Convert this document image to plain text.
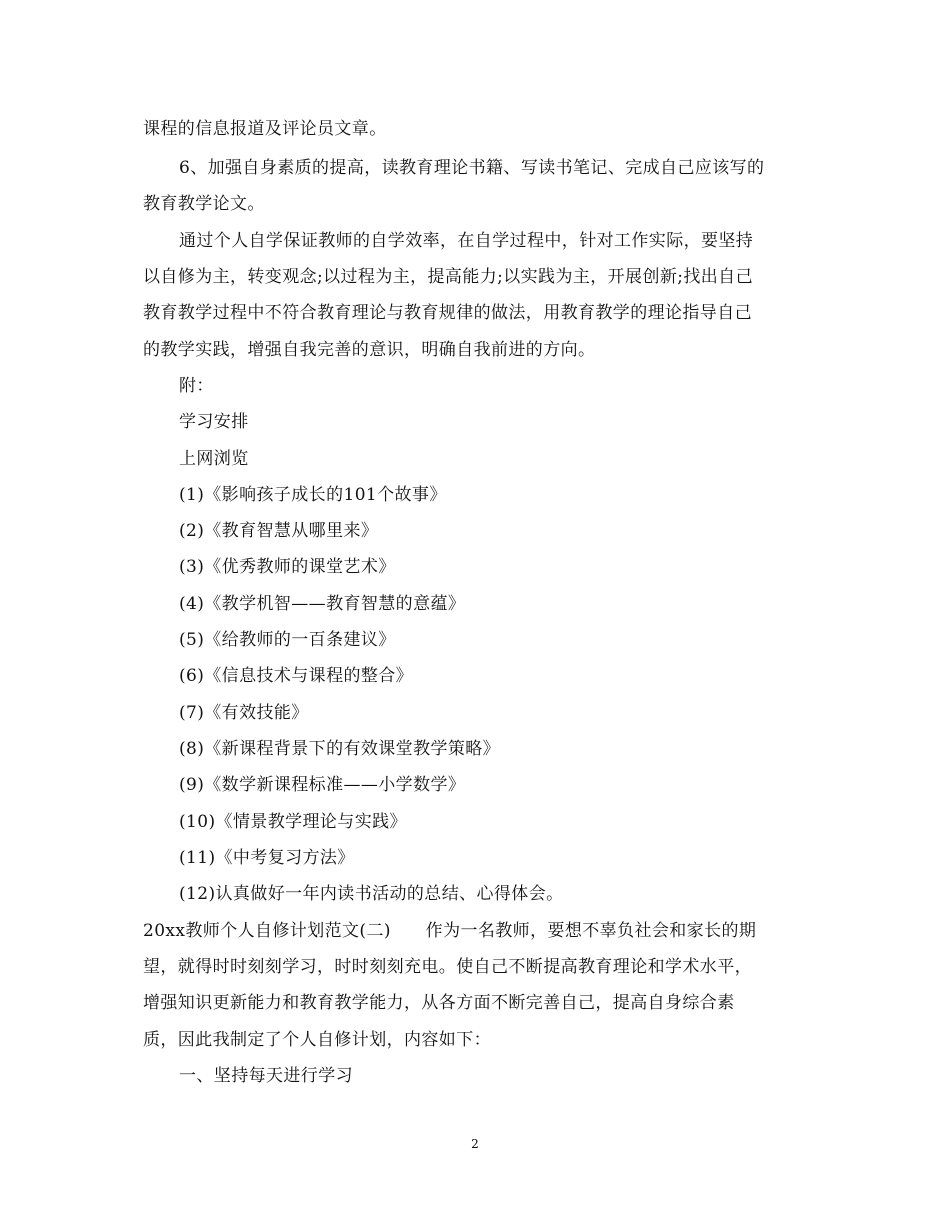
课程的信息报道及评论员文章。
6、加强自身素质的提高，读教育理论书籍、写读书笔记、完成自己应该写的
教育教学论文。
通过个人自学保证教师的自学效率，在自学过程中，针对工作实际，要坚持
以自修为主，转变观念;以过程为主，提高能力;以实践为主，开展创新;找出自己
教育教学过程中不符合教育理论与教育规律的做法，用教育教学的理论指导自己
的教学实践，增强自我完善的意识，明确自我前进的方向。
附：
学习安排
上网浏览
(1)《影响孩子成长的101个故事》
(2)《教育智慧从哪里来》
(3)《优秀教师的课堂艺术》
(4)《教学机智——教育智慧的意蕴》
(5)《给教师的一百条建议》
(6)《信息技术与课程的整合》
(7)《有效技能》
(8)《新课程背景下的有效课堂教学策略》
(9)《数学新课程标准——小学数学》
(10)《情景教学理论与实践》
(11)《中考复习方法》
(12)认真做好一年内读书活动的总结、心得体会。
20xx教师个人自修计划范文(二)　　作为一名教师，要想不辜负社会和家长的期
望，就得时时刻刻学习，时时刻刻充电。使自己不断提高教育理论和学术水平，
增强知识更新能力和教育教学能力，从各方面不断完善自己，提高自身综合素
质，因此我制定了个人自修计划，内容如下：
一、坚持每天进行学习
2
